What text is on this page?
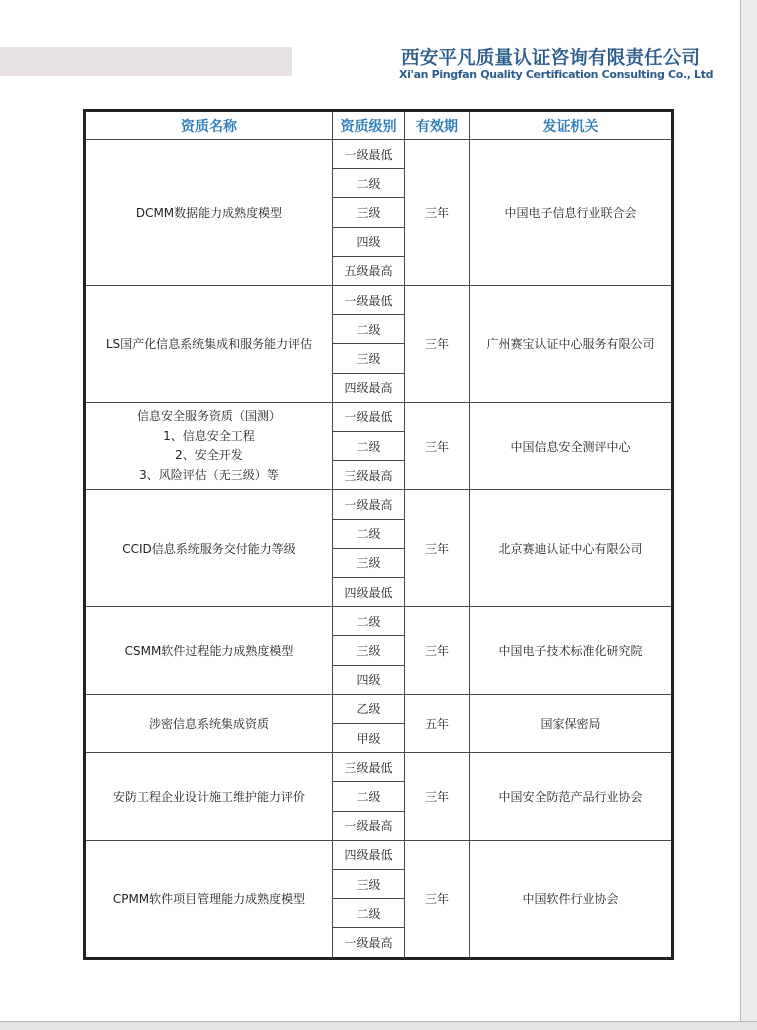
西安平凡质量认证咨询有限责任公司
Xi'an Pingfan Quality Certification Consulting Co., Ltd
资质名称	资质级别	有效期	发证机关
DCMM数据能力成熟度模型	一级最低	三年	中国电子信息行业联合会
	二级		
	三级		
	四级		
	五级最高		
LS国产化信息系统集成和服务能力评估	一级最低	三年	广州赛宝认证中心服务有限公司
	二级		
	三级		
	四级最高		

信息安全服务资质（国测）
1、信息安全工程
2、安全开发
3、风险评估（无三级）等	一级最低	三年	中国信息安全测评中心
	二级		
	三级最高		
CCID信息系统服务交付能力等级	一级最高	三年	北京赛迪认证中心有限公司
	二级		
	三级		
	四级最低		
CSMM软件过程能力成熟度模型	二级	三年	中国电子技术标准化研究院
	三级		
	四级		
涉密信息系统集成资质	乙级	五年	国家保密局
	甲级		
安防工程企业设计施工维护能力评价	三级最低	三年	中国安全防范产品行业协会
	二级		
	一级最高		
CPMM软件项目管理能力成熟度模型	四级最低	三年	中国软件行业协会
	三级		
	二级		
	一级最高		
